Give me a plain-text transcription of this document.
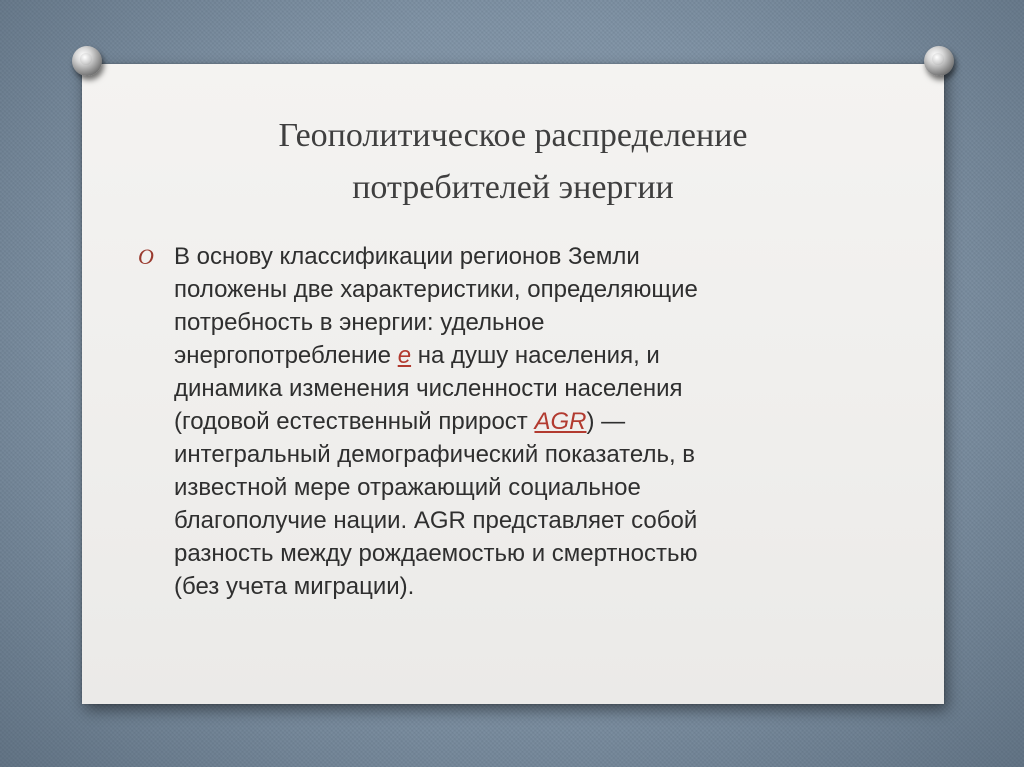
Геополитическое распределение
потребителей энергии
O В основу классификации регионов Земли
положены две характеристики, определяющие
потребность в энергии: удельное
энергопотребление e на душу населения, и
динамика изменения численности населения
(годовой естественный прирост AGR) —
интегральный демографический показатель, в
известной мере отражающий социальное
благополучие нации. AGR представляет собой
разность между рождаемостью и смертностью
(без учета миграции).
